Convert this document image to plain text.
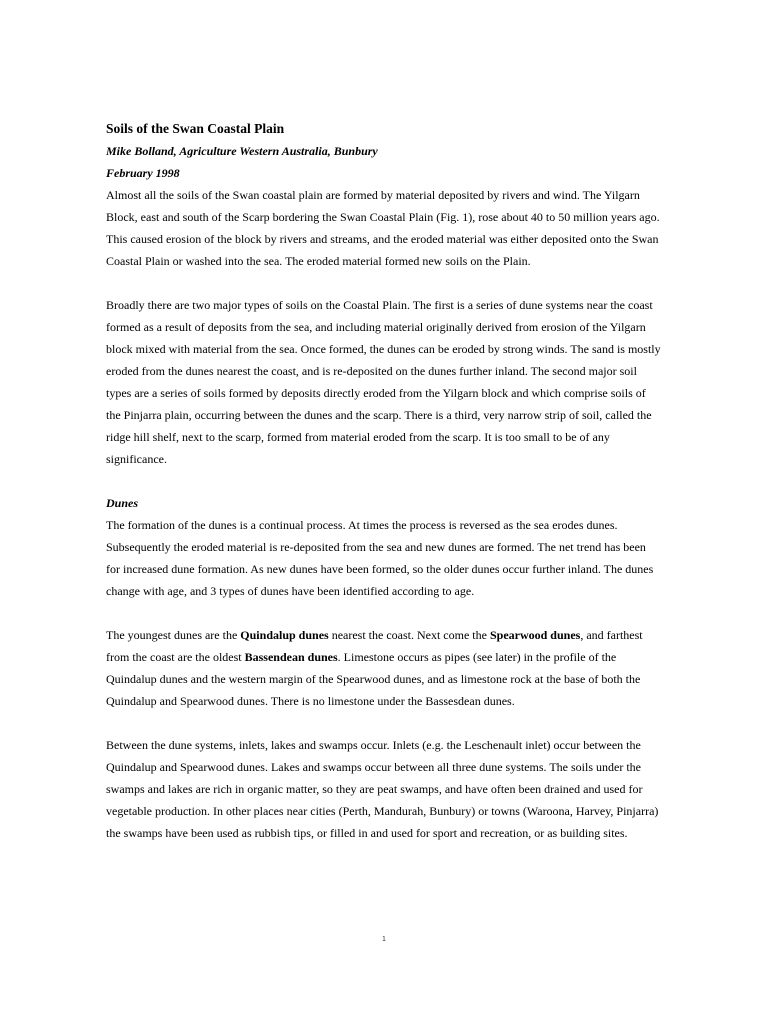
Soils of the Swan Coastal Plain

Mike Bolland, Agriculture Western Australia, Bunbury

February 1998

Almost all the soils of the Swan coastal plain are formed by material deposited by rivers and wind. The Yilgarn Block, east and south of the Scarp bordering the Swan Coastal Plain (Fig. 1), rose about 40 to 50 million years ago. This caused erosion of the block by rivers and streams, and the eroded material was either deposited onto the Swan Coastal Plain or washed into the sea. The eroded material formed new soils on the Plain.

Broadly there are two major types of soils on the Coastal Plain. The first is a series of dune systems near the coast formed as a result of deposits from the sea, and including material originally derived from erosion of the Yilgarn block mixed with material from the sea. Once formed, the dunes can be eroded by strong winds. The sand is mostly eroded from the dunes nearest the coast, and is re-deposited on the dunes further inland. The second major soil types are a series of soils formed by deposits directly eroded from the Yilgarn block and which comprise soils of the Pinjarra plain, occurring between the dunes and the scarp. There is a third, very narrow strip of soil, called the ridge hill shelf, next to the scarp, formed from material eroded from the scarp. It is too small to be of any significance.

Dunes

The formation of the dunes is a continual process. At times the process is reversed as the sea erodes dunes. Subsequently the eroded material is re-deposited from the sea and new dunes are formed. The net trend has been for increased dune formation. As new dunes have been formed, so the older dunes occur further inland. The dunes change with age, and 3 types of dunes have been identified according to age.

The youngest dunes are the Quindalup dunes nearest the coast. Next come the Spearwood dunes, and farthest from the coast are the oldest Bassendean dunes. Limestone occurs as pipes (see later) in the profile of the Quindalup dunes and the western margin of the Spearwood dunes, and as limestone rock at the base of both the Quindalup and Spearwood dunes. There is no limestone under the Bassesdean dunes.

Between the dune systems, inlets, lakes and swamps occur. Inlets (e.g. the Leschenault inlet) occur between the Quindalup and Spearwood dunes. Lakes and swamps occur between all three dune systems. The soils under the swamps and lakes are rich in organic matter, so they are peat swamps, and have often been drained and used for vegetable production. In other places near cities (Perth, Mandurah, Bunbury) or towns (Waroona, Harvey, Pinjarra) the swamps have been used as rubbish tips, or filled in and used for sport and recreation, or as building sites.

1
